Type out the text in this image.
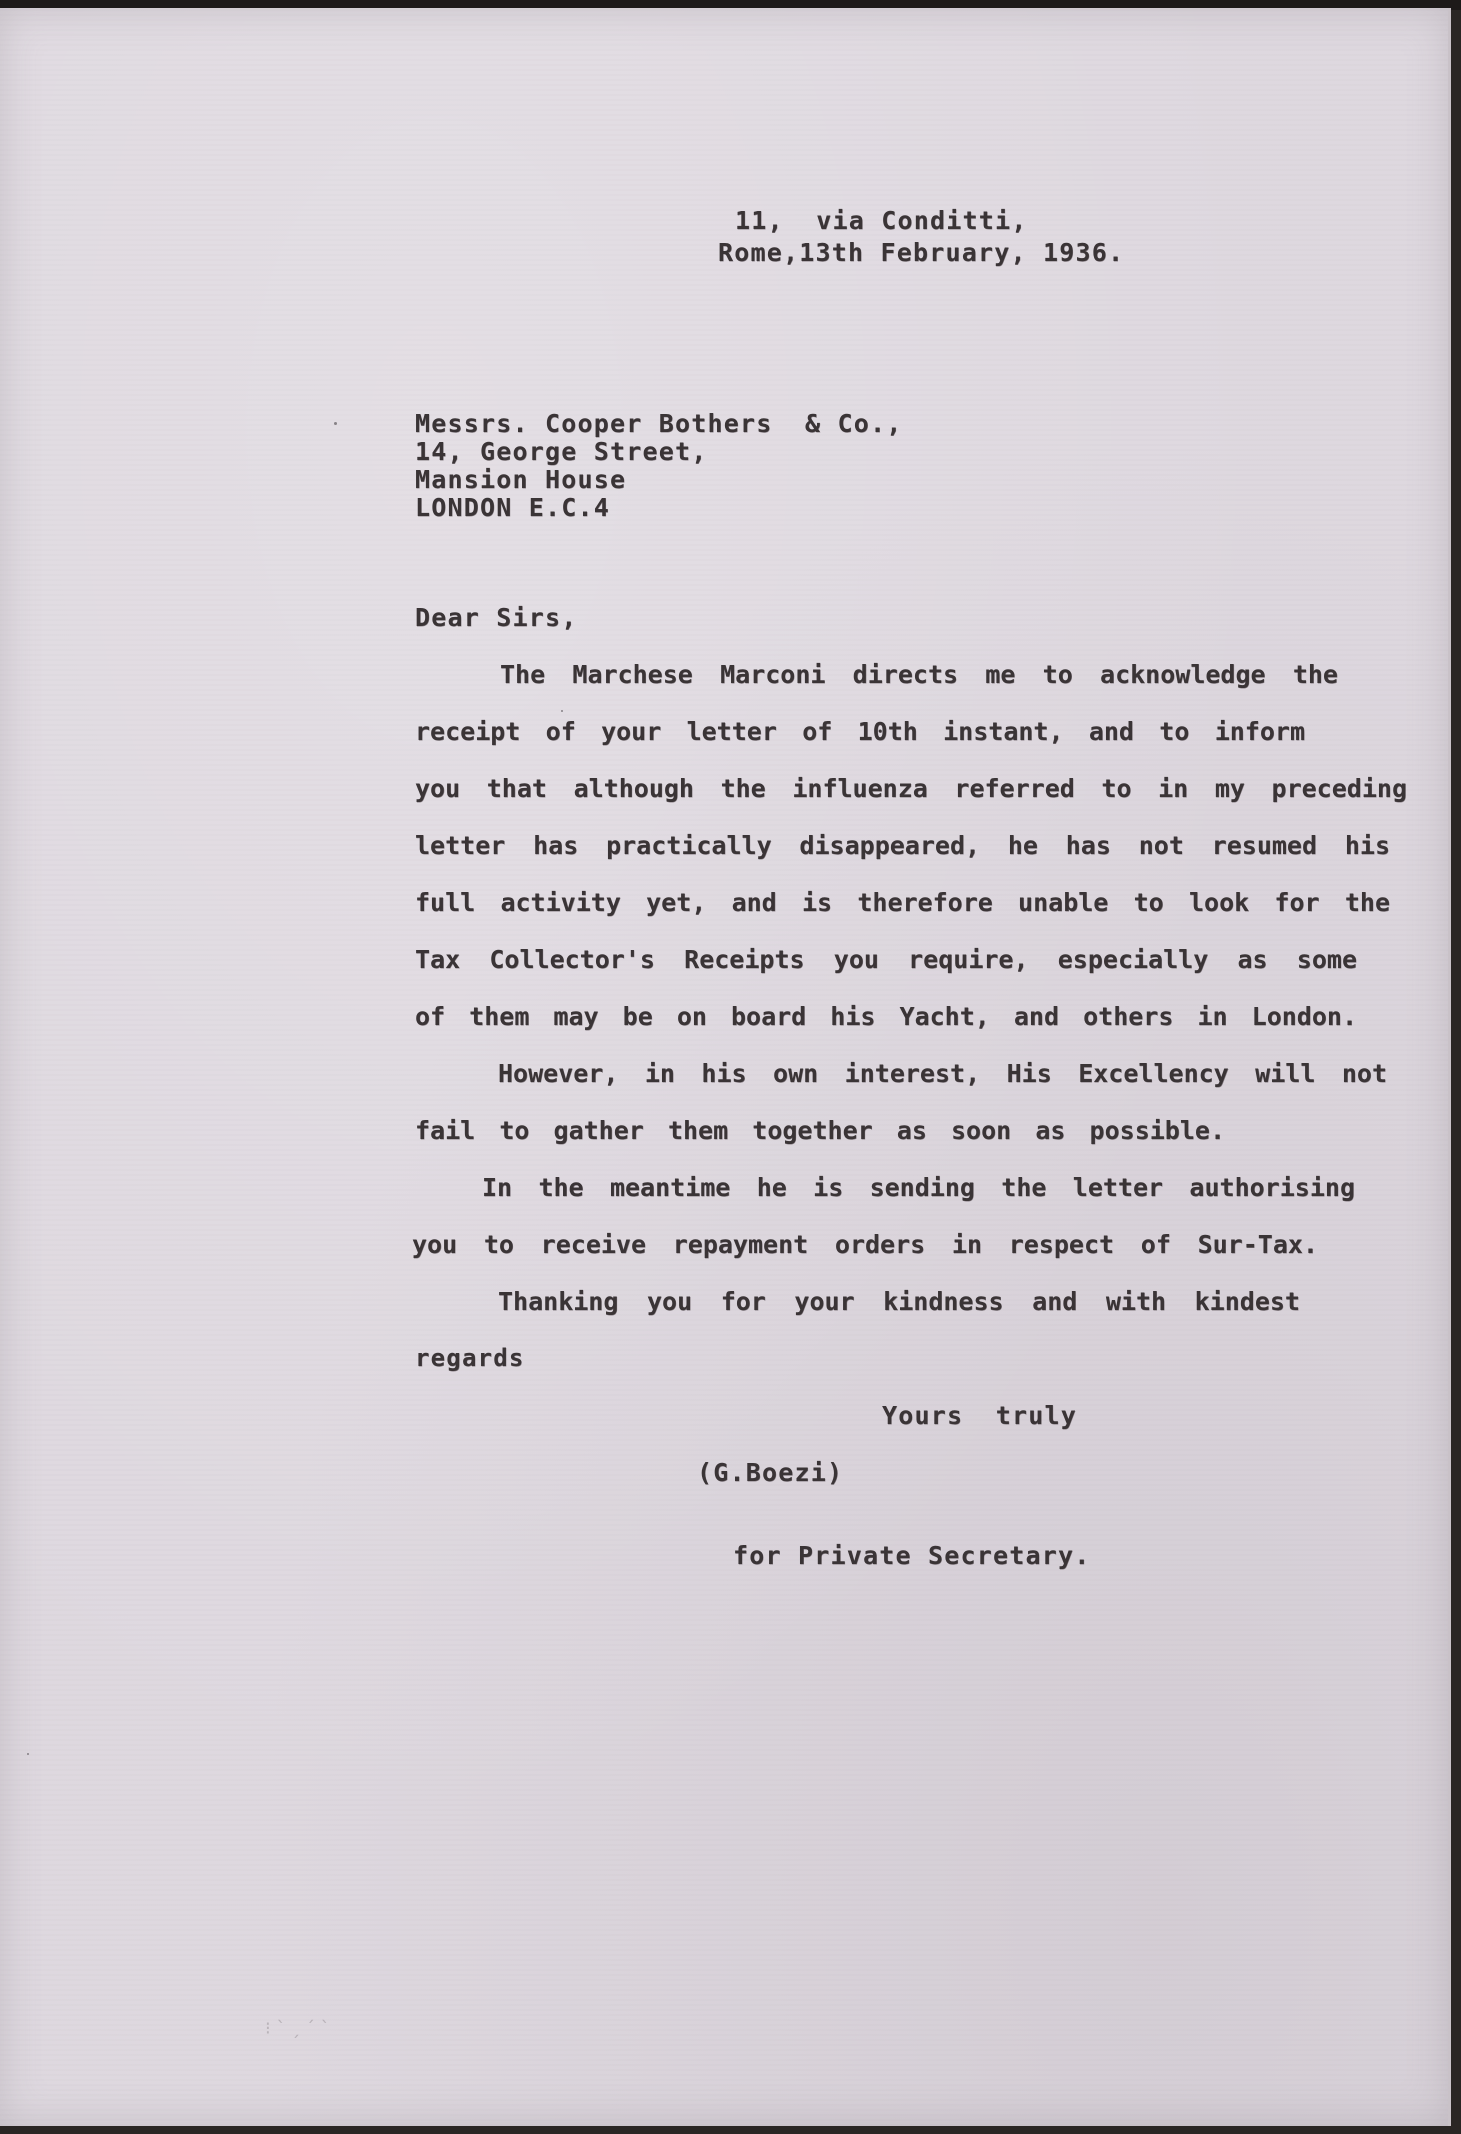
11,  via Conditti,
Rome,13th February, 1936.
Messrs. Cooper Bothers  & Co.,
14, George Street,
Mansion House
LONDON E.C.4
Dear Sirs,
The Marchese Marconi directs me to acknowledge the
receipt of your letter of 10th instant, and to inform
you that although the influenza referred to in my preceding
letter has practically disappeared, he has not resumed his
full activity yet, and is therefore unable to look for the
Tax Collector's Receipts you require, especially as some
of them may be on board his Yacht, and others in London.
However, in his own interest, His Excellency will not
fail to gather them together as soon as possible.
In the meantime he is sending the letter authorising
you to receive repayment orders in respect of Sur-Tax.
Thanking you for your kindness and with kindest
regards
Yours  truly
(G.Boezi)
for Private Secretary.
⁝ ˋ ˏ ˊ ˋ
